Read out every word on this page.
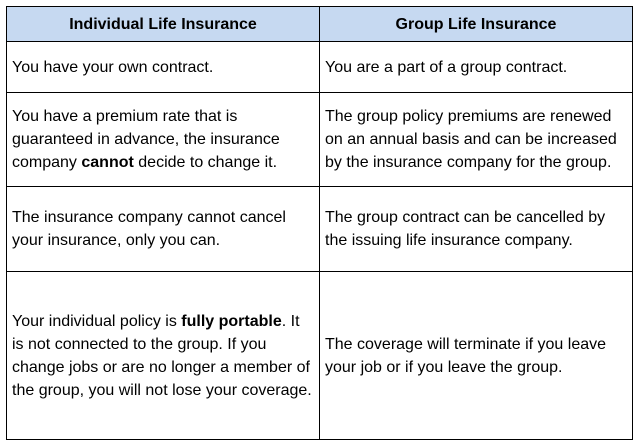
Individual Life Insurance	Group Life Insurance
You have your own contract.	You are a part of a group contract.
You have a premium rate that is guaranteed in advance, the insurance company cannot decide to change it.	The group policy premiums are renewed on an annual basis and can be increased by the insurance company for the group.
The insurance company cannot cancel your insurance, only you can.	The group contract can be cancelled by the issuing life insurance company.
Your individual policy is fully portable. It is not connected to the group. If you change jobs or are no longer a member of the group, you will not lose your coverage.	The coverage will terminate if you leave your job or if you leave the group.
